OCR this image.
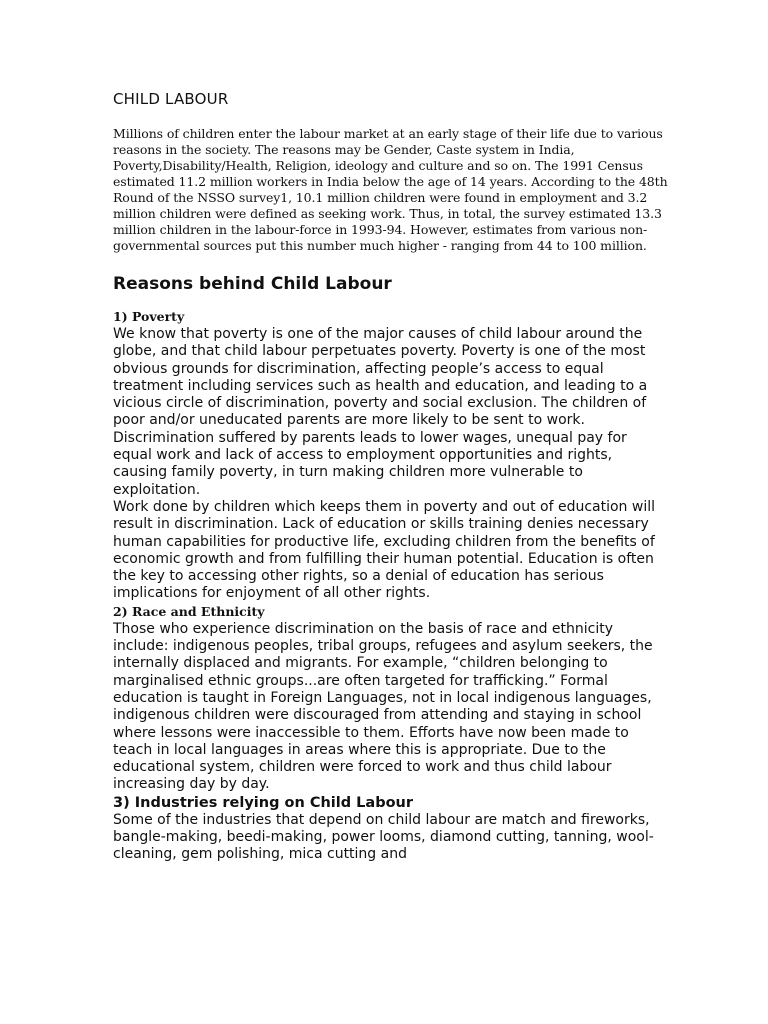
CHILD LABOUR

Millions of children enter the labour market at an early stage of their life due to various reasons in the society. The reasons may be Gender, Caste system in India, Poverty,Disability/Health, Religion, ideology and culture and so on. The 1991 Census estimated 11.2 million workers in India below the age of 14 years. According to the 48th Round of the NSSO survey1, 10.1 million children were found in employment and 3.2 million children were defined as seeking work. Thus, in total, the survey estimated 13.3 million children in the labour-force in 1993-94. However, estimates from various non-governmental sources put this number much higher - ranging from 44 to 100 million.

Reasons behind Child Labour
1) Poverty

We know that poverty is one of the major causes of child labour around the globe, and that child labour perpetuates poverty. Poverty is one of the most obvious grounds for discrimination, affecting people’s access to equal treatment including services such as health and education, and leading to a vicious circle of discrimination, poverty and social exclusion. The children of poor and/or uneducated parents are more likely to be sent to work. Discrimination suffered by parents leads to lower wages, unequal pay for equal work and lack of access to employment opportunities and rights, causing family poverty, in turn making children more vulnerable to exploitation.

Work done by children which keeps them in poverty and out of education will result in discrimination. Lack of education or skills training denies necessary human capabilities for productive life, excluding children from the benefits of economic growth and from fulfilling their human potential. Education is often the key to accessing other rights, so a denial of education has serious implications for enjoyment of all other rights.

2) Race and Ethnicity

Those who experience discrimination on the basis of race and ethnicity include: indigenous peoples, tribal groups, refugees and asylum seekers, the internally displaced and migrants. For example, “children belonging to marginalised ethnic groups...are often targeted for trafficking.” Formal education is taught in Foreign Languages, not in local indigenous languages, indigenous children were discouraged from attending and staying in school where lessons were inaccessible to them. Efforts have now been made to teach in local languages in areas where this is appropriate. Due to the educational system, children were forced to work and thus child labour increasing day by day.

3) Industries relying on Child Labour

Some of the industries that depend on child labour are match and fireworks, bangle-making, beedi-making, power looms, diamond cutting, tanning, wool-cleaning, gem polishing, mica cutting and
